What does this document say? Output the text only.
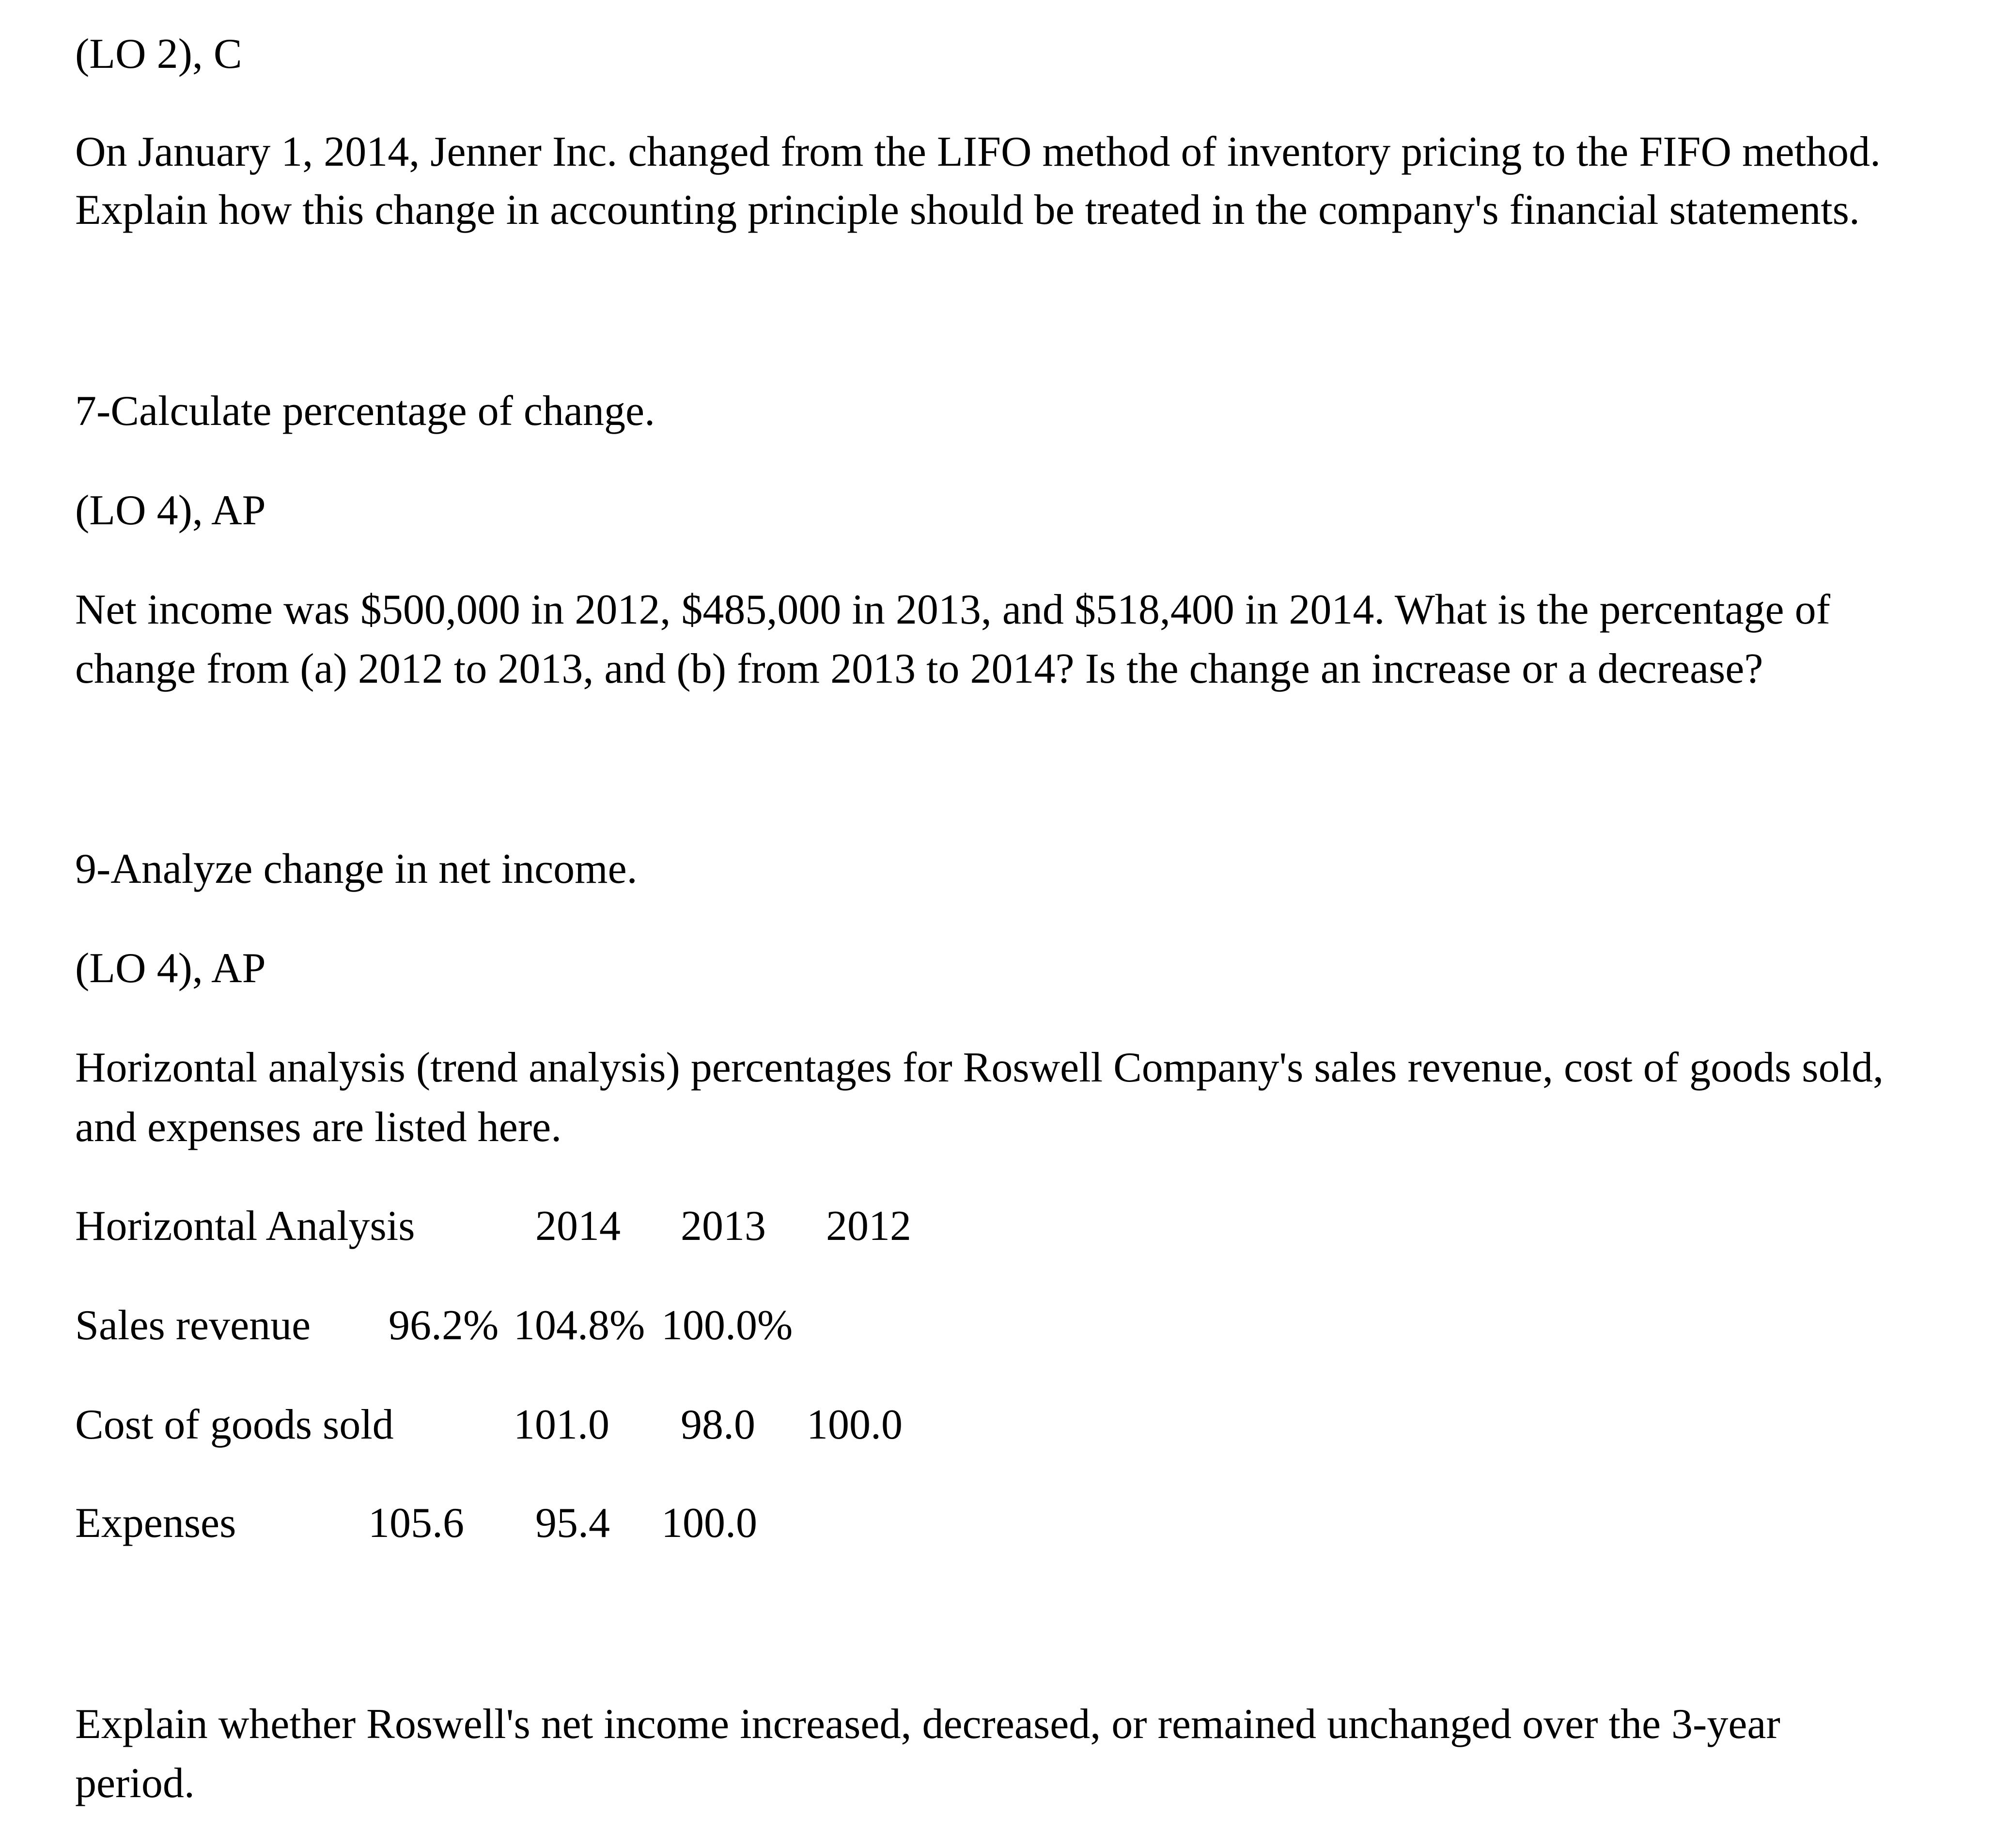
(LO 2), C

On January 1, 2014, Jenner Inc. changed from the LIFO method of inventory pricing to the FIFO method.

Explain how this change in accounting principle should be treated in the company's financial statements.

7-Calculate percentage of change.

(LO 4), AP

Net income was $500,000 in 2012, $485,000 in 2013, and $518,400 in 2014. What is the percentage of

change from (a) 2012 to 2013, and (b) from 2013 to 2014? Is the change an increase or a decrease?

9-Analyze change in net income.

(LO 4), AP

Horizontal analysis (trend analysis) percentages for Roswell Company's sales revenue, cost of goods sold,

and expenses are listed here.

Horizontal Analysis	2014 2013 2012
Sales revenue 96.2% 104.8% 100.0%
Cost of goods sold	101.0 98.0 100.0
Expenses	105.6 95.4 100.0

Explain whether Roswell's net income increased, decreased, or remained unchanged over the 3-year

period.
